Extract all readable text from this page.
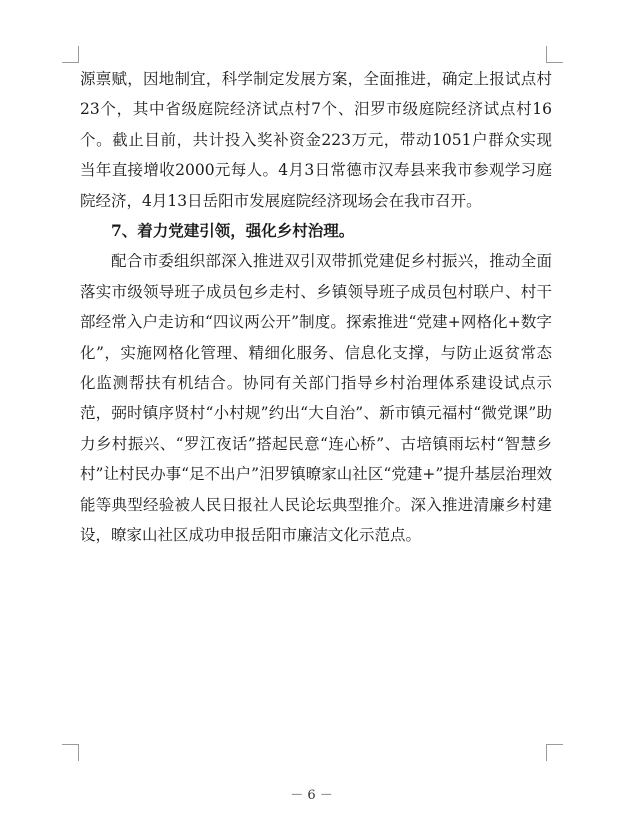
源禀赋，因地制宜，科学制定发展方案，全面推进，确定上报试点村23个，其中省级庭院经济试点村7个、汨罗市级庭院经济试点村16个。截止目前，共计投入奖补资金223万元，带动1051户群众实现当年直接增收2000元每人。4月3日常德市汉寿县来我市参观学习庭院经济，4月13日岳阳市发展庭院经济现场会在我市召开。

7、着力党建引领，强化乡村治理。

配合市委组织部深入推进双引双带抓党建促乡村振兴，推动全面落实市级领导班子成员包乡走村、乡镇领导班子成员包村联户、村干部经常入户走访和“四议两公开”制度。探索推进“党建+网格化+数字化”，实施网格化管理、精细化服务、信息化支撑，与防止返贫常态化监测帮扶有机结合。协同有关部门指导乡村治理体系建设试点示范，弼时镇序贤村“小村规”约出“大自治”、新市镇元福村“微党课”助力乡村振兴、“罗江夜话”搭起民意“连心桥”、古培镇雨坛村“智慧乡村”让村民办事“足不出户”汨罗镇暸家山社区“党建+”提升基层治理效能等典型经验被人民日报社人民论坛典型推介。深入推进清廉乡村建设，暸家山社区成功申报岳阳市廉洁文化示范点。

－ 6 －
